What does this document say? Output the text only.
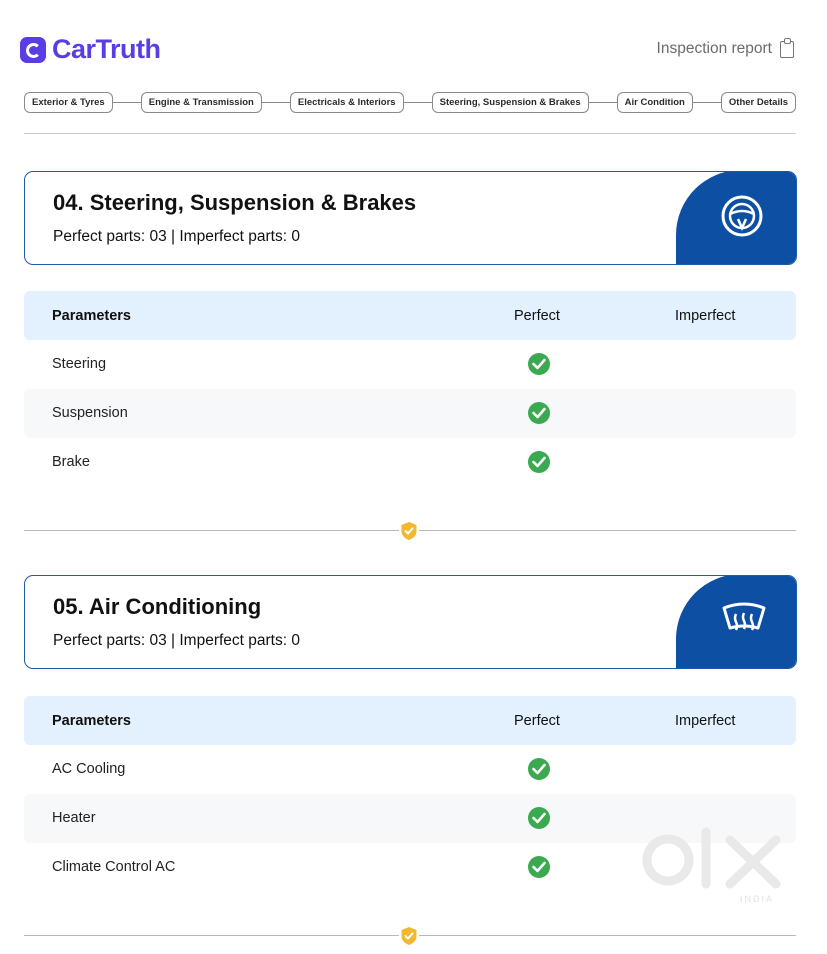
CarTruth	Inspection report
Exterior & Tyres	Engine & Transmission	Electricals & Interiors	Steering, Suspension & Brakes	Air Condition	Other Details
04. Steering, Suspension & Brakes
Perfect parts: 03 | Imperfect parts: 0
Parameters	Perfect	Imperfect
Steering
Suspension
Brake
05. Air Conditioning
Perfect parts: 03 | Imperfect parts: 0
Parameters	Perfect	Imperfect
AC Cooling
Heater
Climate Control AC
INDIA
